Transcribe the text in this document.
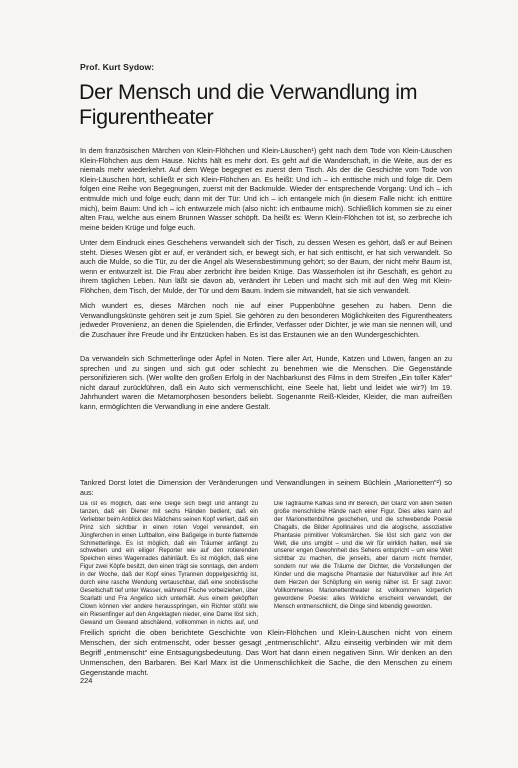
Prof. Kurt Sydow:
Der Mensch und die Verwandlung im Figurentheater

In dem französischen Märchen von Klein-Flöhchen und Klein-Läuschen¹) geht nach dem Tode von Klein-Läuschen Klein-Flöhchen aus dem Hause. Nichts hält es mehr dort. Es geht auf die Wanderschaft, in die Weite, aus der es niemals mehr wiederkehrt. Auf dem Wege begegnet es zuerst dem Tisch. Als der die Geschichte vom Tode von Klein-Läuschen hört, schließt er sich Klein-Flöhchen an. Es heißt: Und ich – ich enttische mich und folge dir. Dem folgen eine Reihe von Begegnungen, zuerst mit der Backmulde. Wieder der entsprechende Vorgang: Und ich – ich entmulde mich und folge euch; dann mit der Tür: Und ich – ich entangele mich (in diesem Falle nicht: ich enttüre mich), beim Baum: Und ich – ich entwurzele mich (also nicht: ich entbaume mich). Schließlich kommen sie zu einer alten Frau, welche aus einem Brunnen Wasser schöpft. Da heißt es: Wenn Klein-Flöhchen tot ist, so zerbreche ich meine beiden Krüge und folge euch.

Unter dem Eindruck eines Geschehens verwandelt sich der Tisch, zu dessen Wesen es gehört, daß er auf Beinen steht. Dieses Wesen gibt er auf, er verändert sich, er bewegt sich, er hat sich enttischt, er hat sich verwandelt. So auch die Mulde, so die Tür, zu der die Angel als Wesensbestimmung gehört; so der Baum, der nicht mehr Baum ist, wenn er entwurzelt ist. Die Frau aber zerbricht ihre beiden Krüge. Das Wasserholen ist ihr Geschäft, es gehört zu ihrem täglichen Leben. Nun läßt sie davon ab, verändert ihr Leben und macht sich mit auf den Weg mit Klein-Flöhchen, dem Tisch, der Mulde, der Tür und dem Baum. Indem sie mitwandelt, hat sie sich verwandelt.

Mich wundert es, dieses Märchen noch nie auf einer Puppenbühne gesehen zu haben. Denn die Verwandlungskünste gehören seit je zum Spiel. Sie gehören zu den besonderen Möglichkeiten des Figurentheaters jedweder Provenienz, an denen die Spielenden, die Erfinder, Verfasser oder Dichter, je wie man sie nennen will, und die Zuschauer ihre Freude und ihr Entzücken haben. Es ist das Erstaunen wie an den Wundergeschichten.

Da verwandeln sich Schmetterlinge oder Äpfel in Noten. Tiere aller Art, Hunde, Katzen und Löwen, fangen an zu sprechen und zu singen und sich gut oder schlecht zu benehmen wie die Menschen. Die Gegenstände personifizieren sich. (Wer wollte den großen Erfolg in der Nachbarkunst des Films in dem Streifen „Ein toller Käfer“ nicht darauf zurückführen, daß ein Auto sich vermenschlicht, eine Seele hat, liebt und leidet wie wir?) Im 19. Jahrhundert waren die Metamorphosen besonders beliebt. Sogenannte Reiß-Kleider, Kleider, die man aufreißen kann, ermöglichten die Verwandlung in eine andere Gestalt.

Tankred Dorst lotet die Dimension der Veränderungen und Verwandlungen in seinem Büchlein „Marionetten“²) so aus:

Da ist es möglich, daß eine Geige sich biegt und anfängt zu tanzen, daß ein Diener mit sechs Händen bedient, daß ein Verliebter beim Anblick des Mädchens seinen Kopf verliert, daß ein Prinz sich sichtbar in einen roten Vogel verwandelt, ein Jüngferchen in einen Luftballon, eine Baßgeige in bunte flatternde Schmetterlinge. Es ist möglich, daß ein Träumer anfängt zu schweben und ein eiliger Reporter wie auf den rotierenden Speichen eines Wagenrades dahinläuft. Es ist möglich, daß eine Figur zwei Köpfe besitzt, den einen trägt sie sonntags, den andern in der Woche, daß der Kopf eines Tyrannen doppelgesichtig ist, durch eine rasche Wendung vertauschbar, daß eine snobistische Gesellschaft tief unter Wasser, während Fische vorbeiziehen, über Scarlatti und Fra Angelico sich unterhält. Aus einem geköpften Clown können vier andere herausspringen, ein Richter stößt wie ein Riesenfinger auf den Angeklagten nieder, eine Dame löst sich, Gewand um Gewand abschälend, vollkommen in nichts auf, und

Die Tagträume Kafkas sind ihr Bereich, der Glanz von allen Seiten große menschliche Hände nach einer Figur. Dies alles kann auf der Marionettenbühne geschehen, und die schwebende Poesie Chagalls, die Bilder Apollinaires und die alogische, assoziative Phantasie primitiver Volksmärchen. Sie löst sich ganz von der Welt, die uns umgibt – und die wir für wirklich halten, weil sie unserer engen Gewohnheit des Sehens entspricht – um eine Welt sichtbar zu machen, die jenseits, aber darum nicht fremder, sondern nur wie die Träume der Dichter, die Vorstellungen der Kinder und die magische Phantasie der Naturvölker auf ihre Art dem Herzen der Schöpfung ein wenig näher ist. Er sagt zuvor: Vollkommenes Marionettentheater ist vollkommen körperlich gewordene Poesie: alles Wirkliche erscheint verwandelt, der Mensch entmenschlicht, die Dinge sind lebendig geworden.

Freilich spricht die oben berichtete Geschichte von Klein-Flöhchen und Klein-Läuschen nicht von einem Menschen, der sich entmenscht, oder besser gesagt „entmenschlicht“. Allzu einseitig verbinden wir mit dem Begriff „entmenscht“ eine Entsagungsbedeutung. Das Wort hat dann einen negativen Sinn. Wir denken an den Unmenschen, den Barbaren. Bei Karl Marx ist die Unmenschlichkeit die Sache, die den Menschen zu einem Gegenstande macht.

224
